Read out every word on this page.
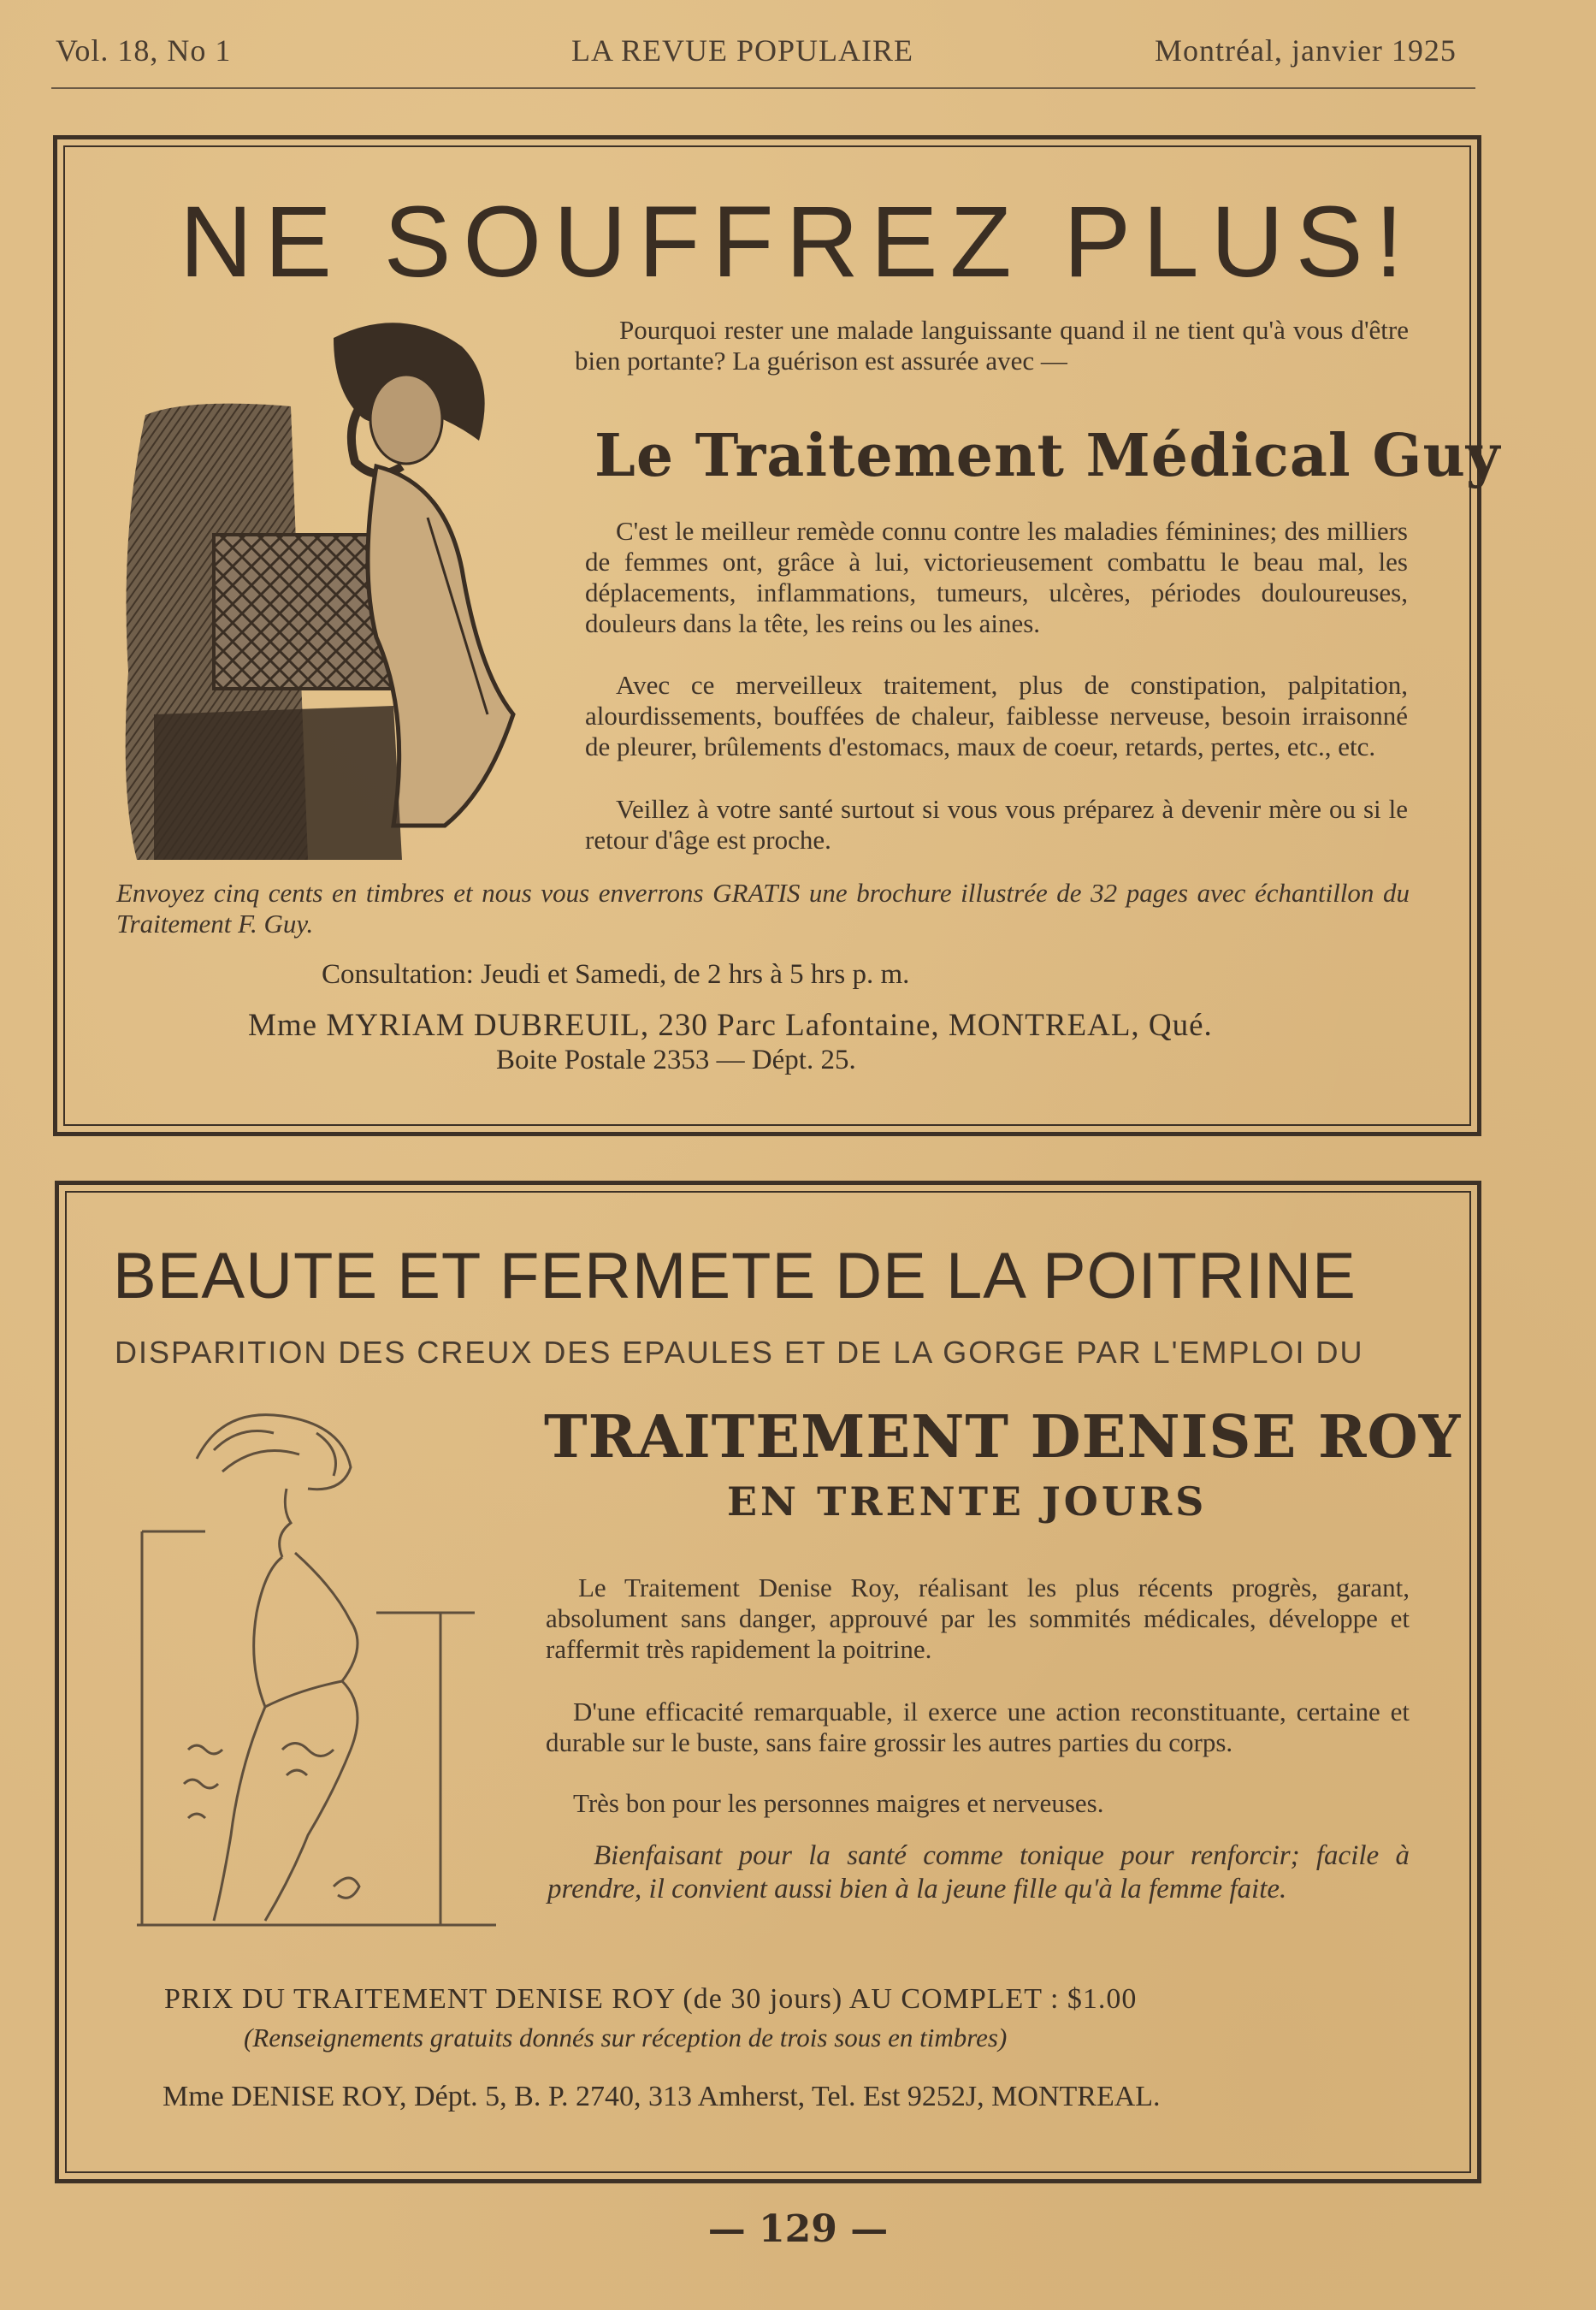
Vol. 18, No 1	LA REVUE POPULAIRE	Montréal, janvier 1925
NE SOUFFREZ PLUS!
Pourquoi rester une malade languissante quand il ne tient qu'à vous d'être bien portante? La guérison est assurée avec —
Le Traitement Médical Guy
C'est le meilleur remède connu contre les maladies féminines; des milliers de femmes ont, grâce à lui, victorieusement combattu le beau mal, les déplacements, inflammations, tumeurs, ulcères, périodes douloureuses, douleurs dans la tête, les reins ou les aines.
Avec ce merveilleux traitement, plus de constipation, palpitation, alourdissements, bouffées de chaleur, faiblesse nerveuse, besoin irraisonné de pleurer, brûlements d'estomacs, maux de coeur, retards, pertes, etc., etc.
Veillez à votre santé surtout si vous vous préparez à devenir mère ou si le retour d'âge est proche.
Envoyez cinq cents en timbres et nous vous enverrons GRATIS une brochure illustrée de 32 pages avec échantillon du Traitement F. Guy.
Consultation: Jeudi et Samedi, de 2 hrs à 5 hrs p. m.
Mme MYRIAM DUBREUIL, 230 Parc Lafontaine, MONTREAL, Qué.
Boite Postale 2353 — Dépt. 25.
BEAUTE ET FERMETE DE LA POITRINE
DISPARITION DES CREUX DES EPAULES ET DE LA GORGE PAR L'EMPLOI DU
TRAITEMENT DENISE ROY
EN TRENTE JOURS
Le Traitement Denise Roy, réalisant les plus récents progrès, garant, absolument sans danger, approuvé par les sommités médicales, développe et raffermit très rapidement la poitrine.
D'une efficacité remarquable, il exerce une action reconstituante, certaine et durable sur le buste, sans faire grossir les autres parties du corps.
Très bon pour les personnes maigres et nerveuses.
Bienfaisant pour la santé comme tonique pour renforcir; facile à prendre, il convient aussi bien à la jeune fille qu'à la femme faite.
PRIX DU TRAITEMENT DENISE ROY (de 30 jours) AU COMPLET : $1.00
(Renseignements gratuits donnés sur réception de trois sous en timbres)
Mme DENISE ROY, Dépt. 5, B. P. 2740, 313 Amherst, Tel. Est 9252J, MONTREAL.
— 129 —
